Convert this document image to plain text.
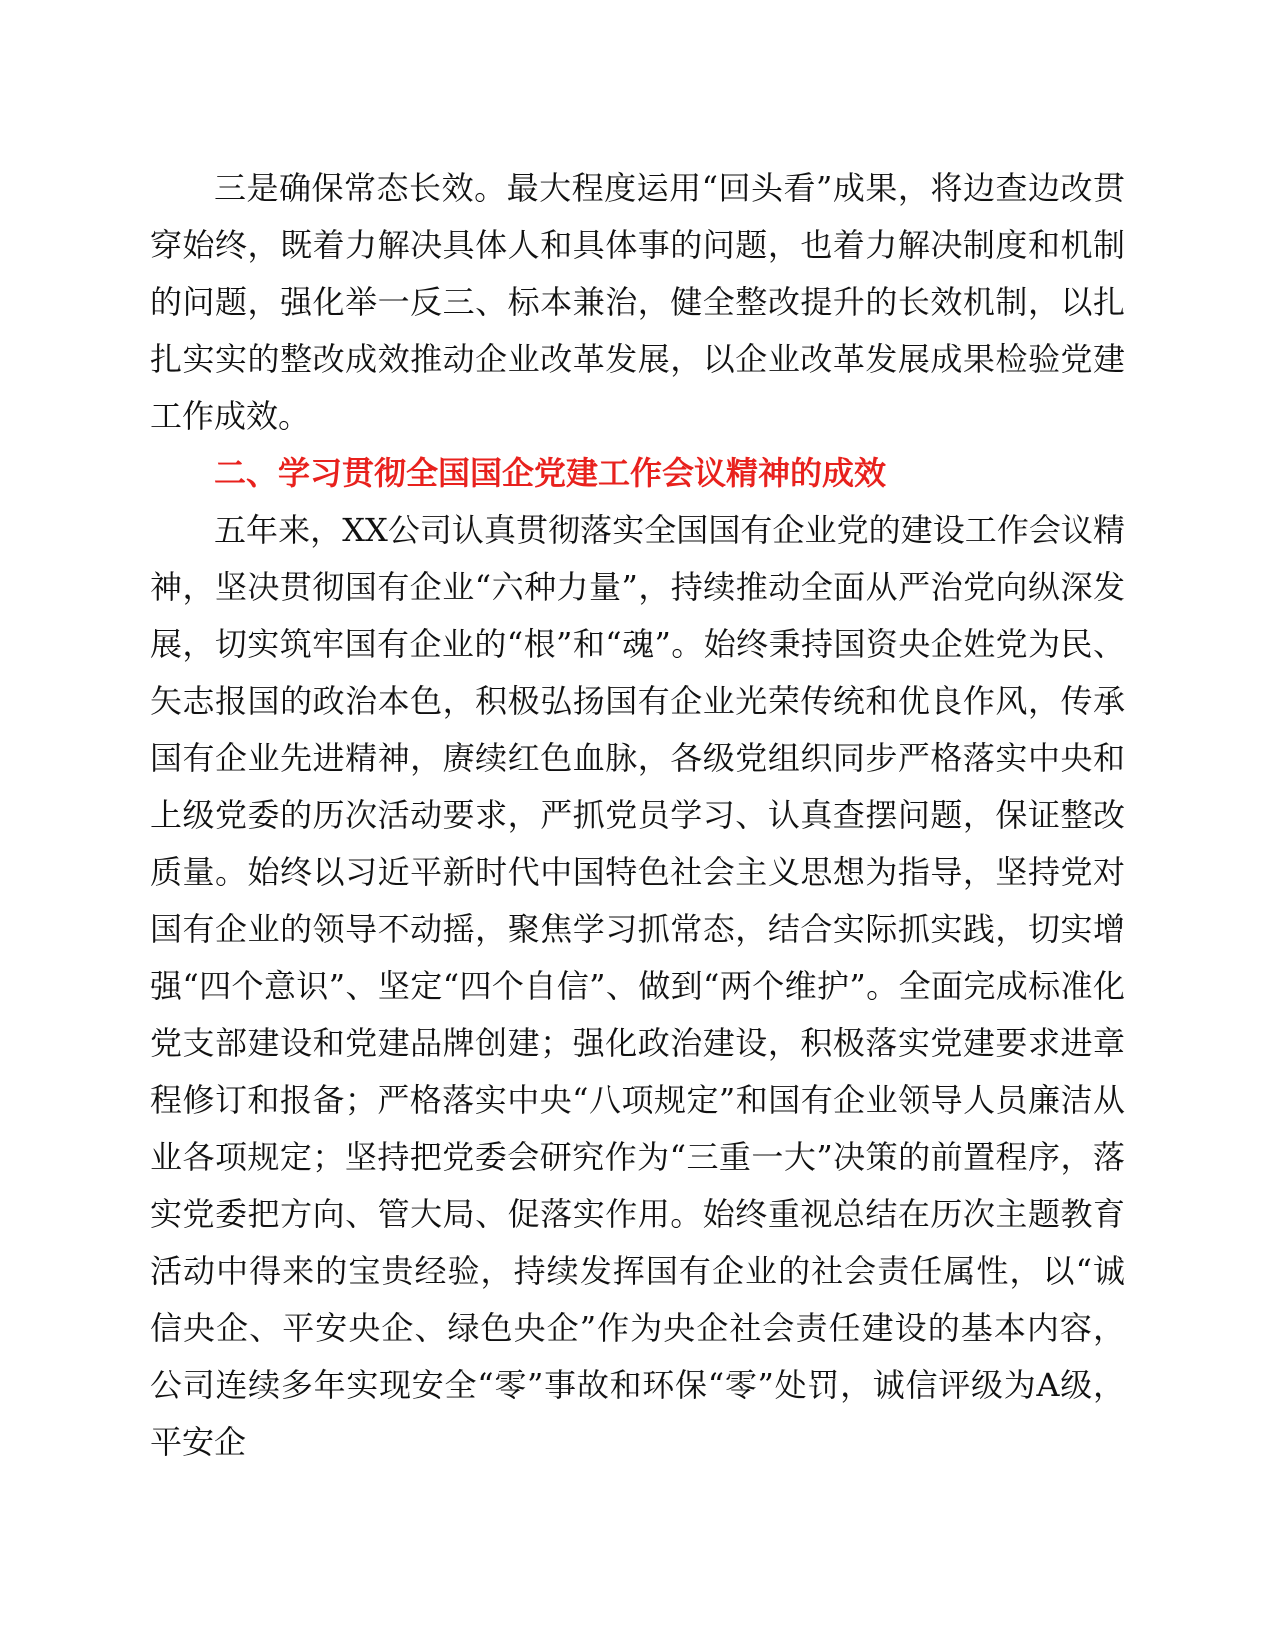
三是确保常态长效。最大程度运用“回头看”成果，将边查边改贯穿始终，既着力解决具体人和具体事的问题，也着力解决制度和机制的问题，强化举一反三、标本兼治，健全整改提升的长效机制，以扎扎实实的整改成效推动企业改革发展，以企业改革发展成果检验党建工作成效。

二、学习贯彻全国国企党建工作会议精神的成效

五年来，XX公司认真贯彻落实全国国有企业党的建设工作会议精神，坚决贯彻国有企业“六种力量”，持续推动全面从严治党向纵深发展，切实筑牢国有企业的“根”和“魂”。始终秉持国资央企姓党为民、矢志报国的政治本色，积极弘扬国有企业光荣传统和优良作风，传承国有企业先进精神，赓续红色血脉，各级党组织同步严格落实中央和上级党委的历次活动要求，严抓党员学习、认真查摆问题，保证整改质量。始终以习近平新时代中国特色社会主义思想为指导，坚持党对国有企业的领导不动摇，聚焦学习抓常态，结合实际抓实践，切实增强“四个意识”、坚定“四个自信”、做到“两个维护”。全面完成标准化党支部建设和党建品牌创建；强化政治建设，积极落实党建要求进章程修订和报备；严格落实中央“八项规定”和国有企业领导人员廉洁从业各项规定；坚持把党委会研究作为“三重一大”决策的前置程序，落实党委把方向、管大局、促落实作用。始终重视总结在历次主题教育活动中得来的宝贵经验，持续发挥国有企业的社会责任属性，以“诚信央企、平安央企、绿色央企”作为央企社会责任建设的基本内容，公司连续多年实现安全“零”事故和环保“零”处罚，诚信评级为A级，平安企
